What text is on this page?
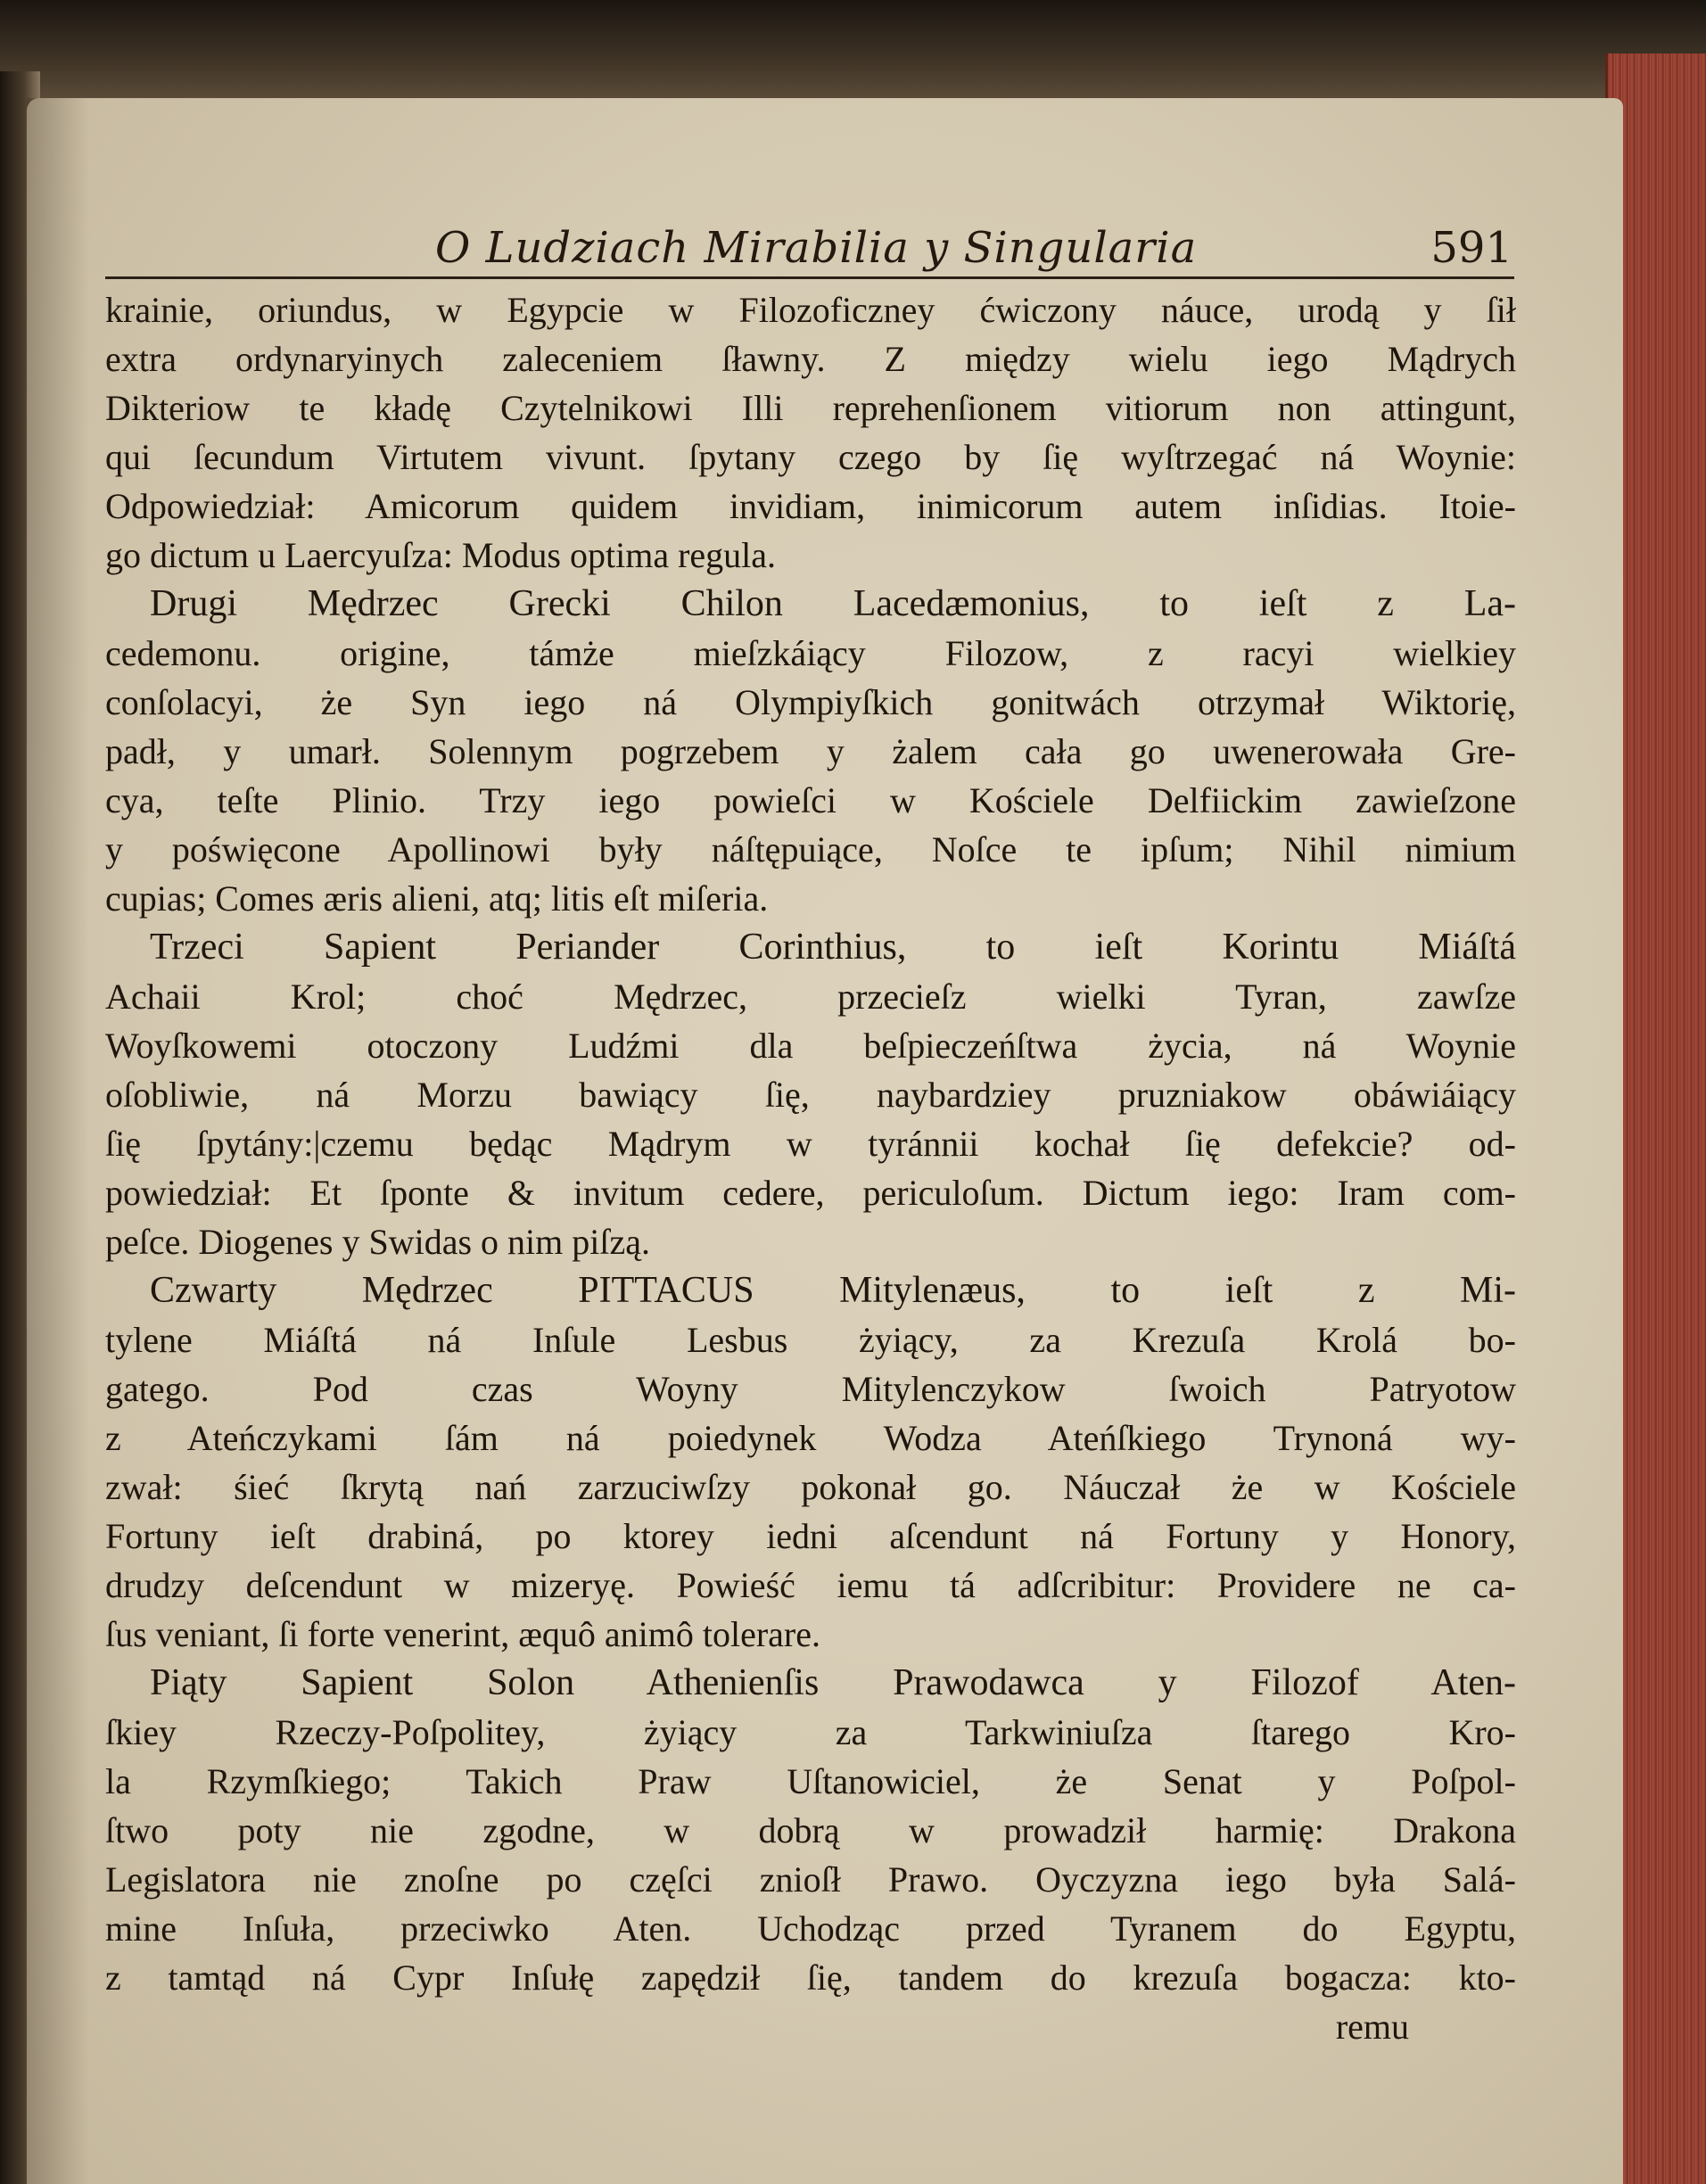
O Ludziach Mirabilia y Singularia	591
krainie, oriundus, w Egypcie w Filozoficzney ćwiczony náuce, urodą y ſił
extra ordynaryinych zaleceniem ſławny. Z między wielu iego Mądrych
Dikteriow te kładę Czytelnikowi Illi reprehenſionem vitiorum non attingunt,
qui ſecundum Virtutem vivunt. ſpytany czego by ſię wyſtrzegać ná Woynie:
Odpowiedział: Amicorum quidem invidiam, inimicorum autem inſidias. Itoie-
go dictum u Laercyuſza: Modus optima regula.
Drugi Mędrzec Grecki Chilon Lacedæmonius, to ieſt z La-
cedemonu. origine, támże mieſzkáiący Filozow, z racyi wielkiey
conſolacyi, że Syn iego ná Olympiyſkich gonitwách otrzymał Wiktorię,
padł, y umarł. Solennym pogrzebem y żalem cała go uwenerowała Gre-
cya, teſte Plinio. Trzy iego powieſci w Kościele Delfiickim zawieſzone
y poświęcone Apollinowi były náſtępuiące, Noſce te ipſum; Nihil nimium
cupias; Comes æris alieni, atq; litis eſt miſeria.
Trzeci Sapient Periander Corinthius, to ieſt Korintu Miáſtá
Achaii Krol; choć Mędrzec, przecieſz wielki Tyran, zawſze
Woyſkowemi otoczony Ludźmi dla beſpieczeńſtwa życia, ná Woynie
oſobliwie, ná Morzu bawiący ſię, naybardziey pruzniakow obáwiáiący
ſię ſpytány:|czemu będąc Mądrym w tyránnii kochał ſię defekcie? od-
powiedział: Et ſponte & invitum cedere, periculoſum. Dictum iego: Iram com-
peſce. Diogenes y Swidas o nim piſzą.
Czwarty Mędrzec PITTACUS Mitylenæus, to ieſt z Mi-
tylene Miáſtá ná Inſule Lesbus żyiący, za Krezuſa Krolá bo-
gatego. Pod czas Woyny Mitylenczykow ſwoich Patryotow
z Ateńczykami ſám ná poiedynek Wodza Ateńſkiego Trynoná wy-
zwał: śieć ſkrytą nań zarzuciwſzy pokonał go. Náuczał że w Kościele
Fortuny ieſt drabiná, po ktorey iedni aſcendunt ná Fortuny y Honory,
drudzy deſcendunt w mizeryę. Powieść iemu tá adſcribitur: Providere ne ca-
ſus veniant, ſi forte venerint, æquô animô tolerare.
Piąty Sapient Solon Athenienſis Prawodawca y Filozof Aten-
ſkiey Rzeczy-Poſpolitey, żyiący za Tarkwiniuſza ſtarego Kro-
la Rzymſkiego; Takich Praw Uſtanowiciel, że Senat y Poſpol-
ſtwo poty nie zgodne, w dobrą w prowadził harmię: Drakona
Legislatora nie znoſne po częſci znioſł Prawo. Oyczyzna iego była Salá-
mine Inſuła, przeciwko Aten. Uchodząc przed Tyranem do Egyptu,
z tamtąd ná Cypr Inſułę zapędził ſię, tandem do krezuſa bogacza: kto-
remu
